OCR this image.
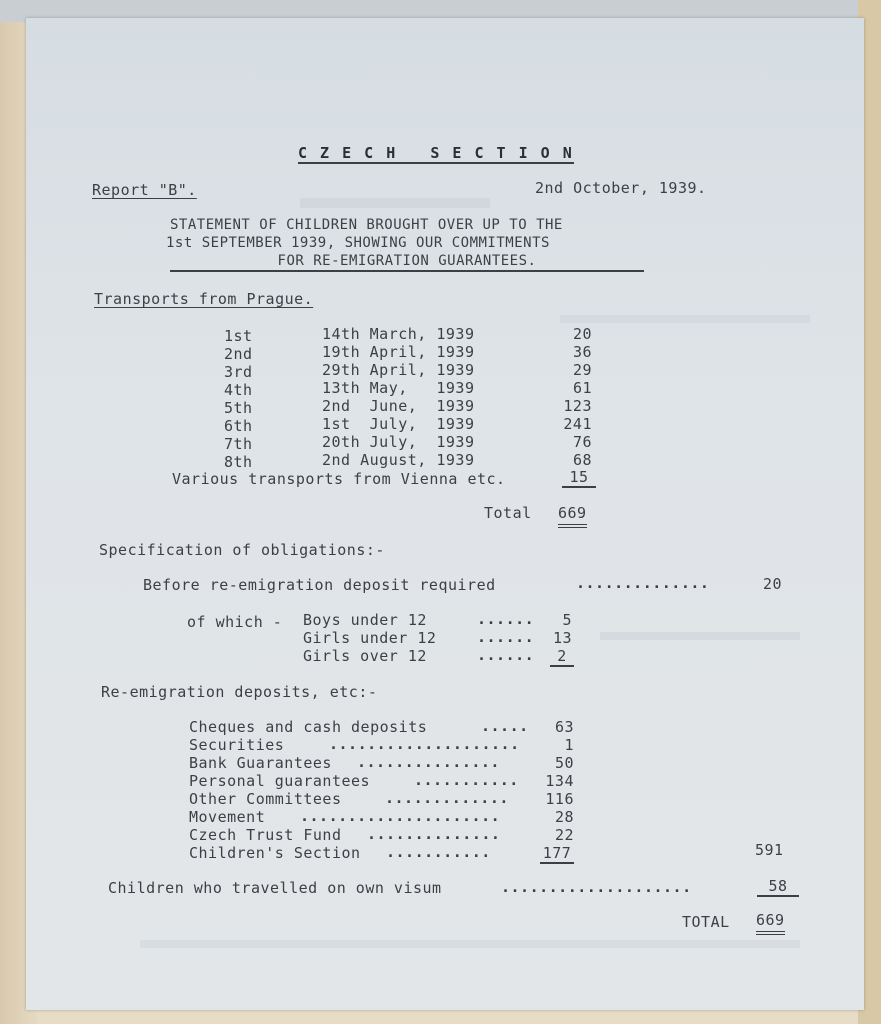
C Z E C H   S E C T I O N
Report "B".	2nd October, 1939.
STATEMENT OF CHILDREN BROUGHT OVER UP TO THE
1st SEPTEMBER 1939, SHOWING OUR COMMITMENTS
FOR RE-EMIGRATION GUARANTEES.
Transports from Prague.
1st	14th March, 1939	20
2nd	19th April, 1939	36
3rd	29th April, 1939	29
4th	13th May,   1939	61
5th	2nd  June,  1939	123
6th	1st  July,  1939	241
7th	20th July,  1939	76
8th	2nd August, 1939	68
Various transports from Vienna etc.	15
Total 669
Specification of obligations:-
Before re-emigration deposit required	..............	20
of which - Boys under 12	......	5
Girls under 12	......	13
Girls over 12	......	2
Re-emigration deposits, etc:-
Cheques and cash deposits	.....	63
Securities	....................	1
Bank Guarantees ...............	50
Personal guarantees	...........	134
Other Committees	.............	116
Movement .....................	28
Czech Trust Fund ..............	22
Children's Section ...........	177	591
Children who travelled on own visum	....................	58
TOTAL 669
